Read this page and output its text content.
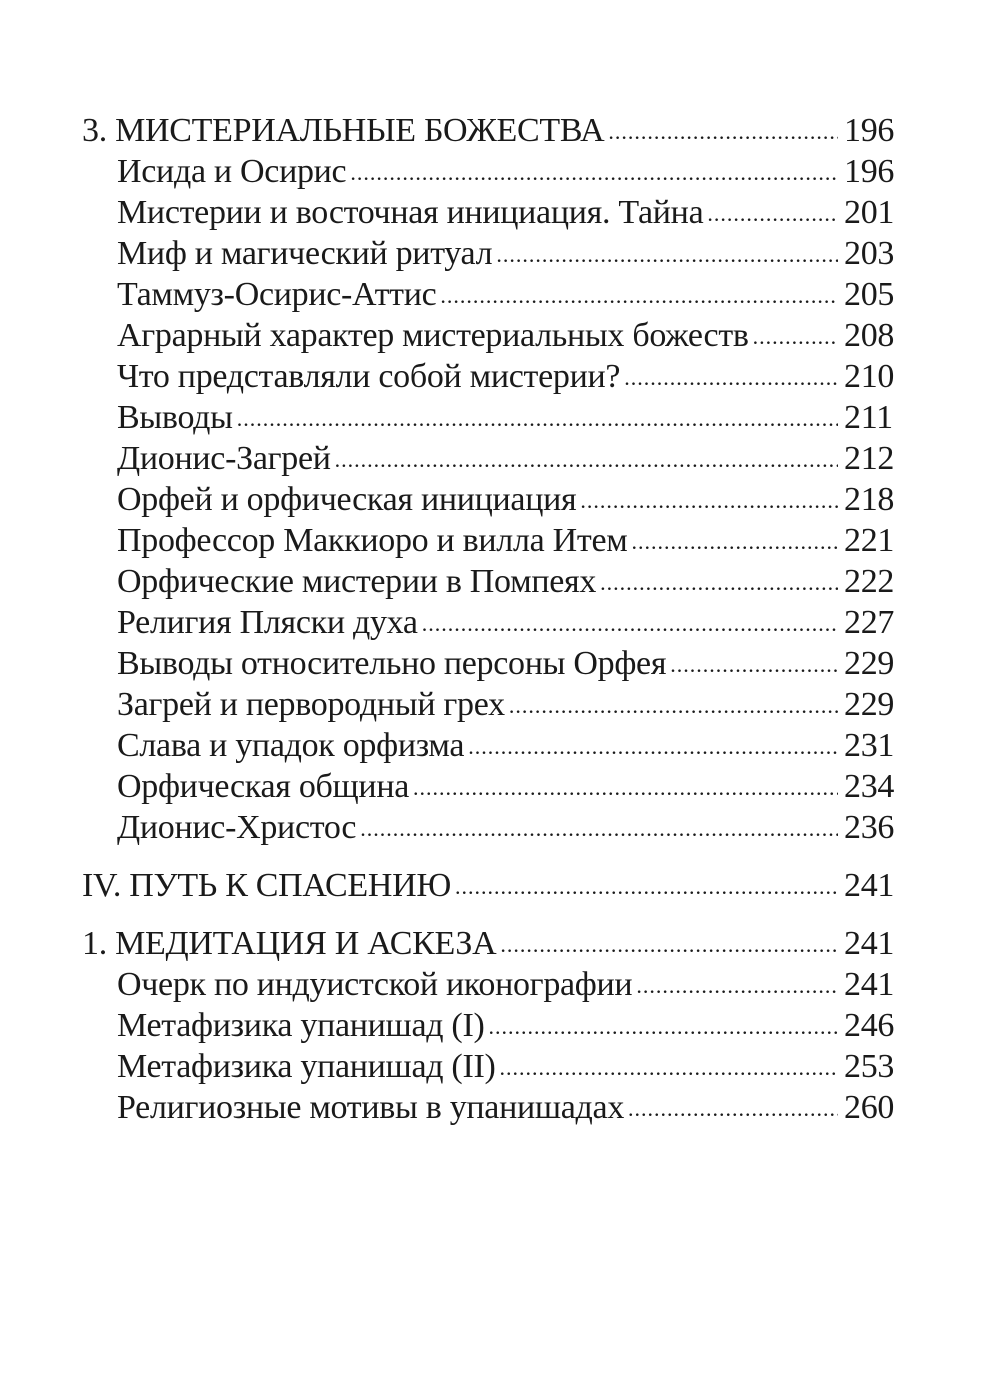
3. МИСТЕРИАЛЬНЫЕ БОЖЕСТВА .....	196
Исида и Осирис .....	196
Мистерии и восточная инициация. Тайна .....	201
Миф и магический ритуал .....	203
Таммуз-Осирис-Аттис .....	205
Аграрный характер мистериальных божеств .....	208
Что представляли собой мистерии? .....	210
Выводы .....	211
Дионис-Загрей .....	212
Орфей и орфическая инициация .....	218
Профессор Маккиоро и вилла Итем .....	221
Орфические мистерии в Помпеях .....	222
Религия Пляски духа .....	227
Выводы относительно персоны Орфея .....	229
Загрей и первородный грех .....	229
Слава и упадок орфизма .....	231
Орфическая община .....	234
Дионис-Христос .....	236
IV. ПУТЬ К СПАСЕНИЮ .....	241
1. МЕДИТАЦИЯ И АСКЕЗА .....	241
Очерк по индуистской иконографии .....	241
Метафизика упанишад (I) .....	246
Метафизика упанишад (II) .....	253
Религиозные мотивы в упанишадах .....	260
